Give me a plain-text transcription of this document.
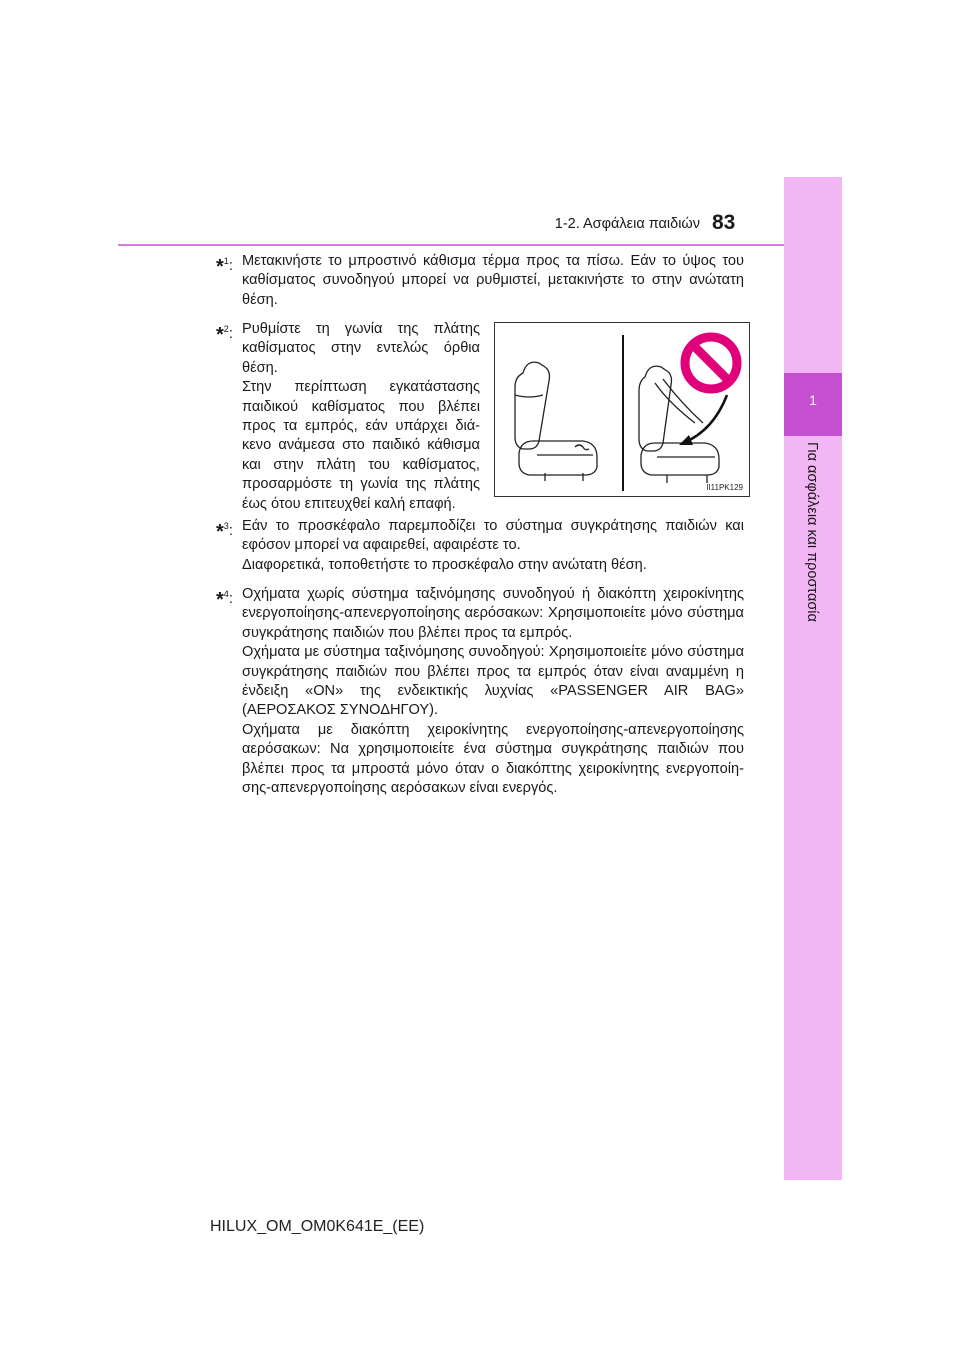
1
Για ασφάλεια και προστασία
1-2. Ασφάλεια παιδιών 83
*$^1$: Μετακινήστε το μπροστινό κάθισμα τέρμα προς τα πίσω. Εάν το ύψος του καθίσματος συνοδηγού μπορεί να ρυθμιστεί, μετακινήστε το στην ανώτατη θέση.

*$^2$: Ρυθμίστε τη γωνία της πλάτης καθίσματος στην εντελώς όρθια θέση.

Στην περίπτωση εγκατάστασης παιδικού καθίσματος που βλέπει προς τα εμπρός, εάν υπάρχει διά-κενο ανάμεσα στο παιδικό κάθισμα και στην πλάτη του καθίσματος, προσαρμόστε τη γωνία της πλάτης έως ότου επιτευχθεί καλή επαφή.

II11PK129
*$^3$: Εάν το προσκέφαλο παρεμποδίζει το σύστημα συγκράτησης παιδιών και εφόσον μπορεί να αφαιρεθεί, αφαιρέστε το.

Διαφορετικά, τοποθετήστε το προσκέφαλο στην ανώτατη θέση.

*$^4$: Οχήματα χωρίς σύστημα ταξινόμησης συνοδηγού ή διακόπτη χειροκίνητης ενεργοποίησης-απενεργοποίησης αερόσακων: Χρησιμοποιείτε μόνο σύστημα συγκράτησης παιδιών που βλέπει προς τα εμπρός.

Οχήματα με σύστημα ταξινόμησης συνοδηγού: Χρησιμοποιείτε μόνο σύστημα συγκράτησης παιδιών που βλέπει προς τα εμπρός όταν είναι αναμμένη η ένδειξη «ON» της ενδεικτικής λυχνίας «PASSENGER AIR BAG» (ΑΕΡΟΣΑΚΟΣ ΣΥΝΟΔΗΓΟΥ).

Οχήματα με διακόπτη χειροκίνητης ενεργοποίησης-απενεργοποίησης αερόσακων: Να χρησιμοποιείτε ένα σύστημα συγκράτησης παιδιών που βλέπει προς τα μπροστά μόνο όταν ο διακόπτης χειροκίνητης ενεργοποίη-σης-απενεργοποίησης αερόσακων είναι ενεργός.

HILUX_OM_OM0K641E_(EE)
